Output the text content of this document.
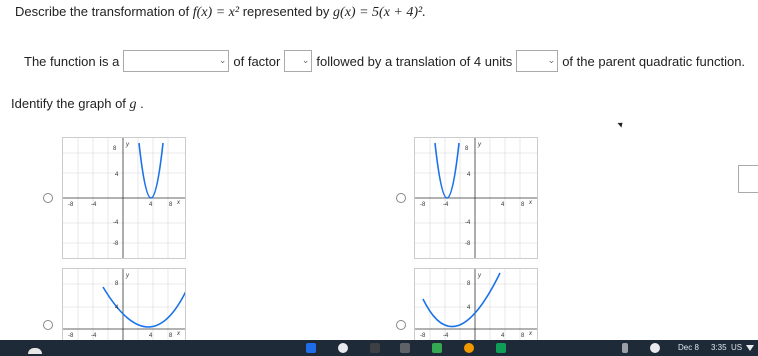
Describe the transformation of f(x) = x² represented by g(x) = 5(x + 4)².
The function is a	⌄ of factor ⌄ followed by a translation of 4 units	⌄ of the parent quadratic function.
Identify the graph of g .
8
4
-4
-8
-8	-4	4	8 x
y
8
4
-4
-8
-8	-4	4	8 x
y
8
4
-8	-4	4	8 x
y
8
4
-8	-4	4	8 x
y
Dec 8 3:35 US
